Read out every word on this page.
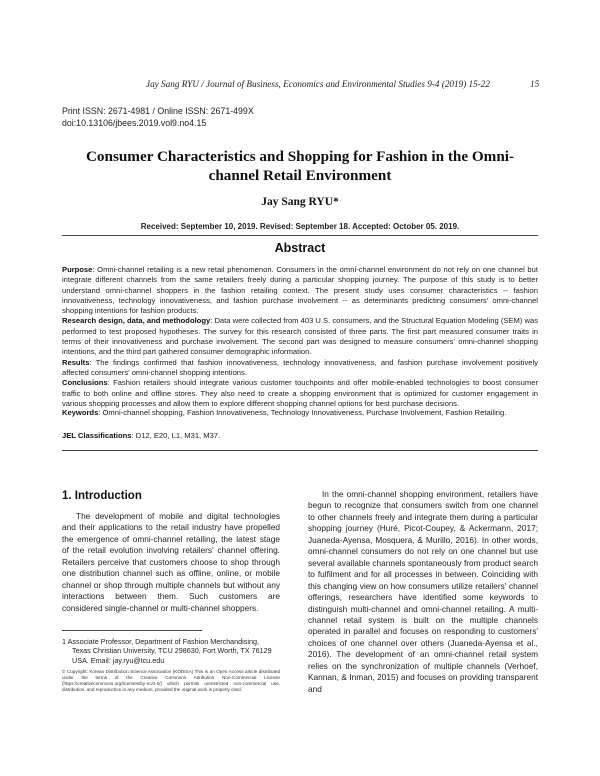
Jay Sang RYU / Journal of Business, Economics and Environmental Studies 9-4 (2019) 15-22	15
Print ISSN: 2671-4981 / Online ISSN: 2671-499X
doi:10.13106/jbees.2019.vol9.no4.15
Consumer Characteristics and Shopping for Fashion in the Omni-channel Retail Environment
Jay Sang RYU*
Received: September 10, 2019. Revised: September 18. Accepted: October 05. 2019.
Abstract

Purpose: Omni-channel retailing is a new retail phenomenon. Consumers in the omni-channel environment do not rely on one channel but integrate different channels from the same retailers freely during a particular shopping journey. The purpose of this study is to better understand omni-channel shoppers in the fashion retailing context. The present study uses consumer characteristics -- fashion innovativeness, technology innovativeness, and fashion purchase involvement -- as determinants predicting consumers' omni-channel shopping intentions for fashion products.

Research design, data, and methodology: Data were collected from 403 U.S. consumers, and the Structural Equation Modeling (SEM) was performed to test proposed hypotheses. The survey for this research consisted of three parts. The first part measured consumer traits in terms of their innovativeness and purchase involvement. The second part was designed to measure consumers' omni-channel shopping intentions, and the third part gathered consumer demographic information.

Results: The findings confirmed that fashion innovativeness, technology innovativeness, and fashion purchase involvement positively affected consumers' omni-channel shopping intentions.

Conclusions: Fashion retailers should integrate various customer touchpoints and offer mobile-enabled technologies to boost consumer traffic to both online and offline stores. They also need to create a shopping environment that is optimized for customer engagement in various shopping processes and allow them to explore different shopping channel options for best purchase decisions.

Keywords: Omni-channel shopping, Fashion Innovativeness, Technology Innovativeness, Purchase Involvement, Fashion Retailing.
JEL Classifications: D12, E20, L1, M31, M37.
1. Introduction

The development of mobile and digital technologies and their applications to the retail industry have propelled the emergence of omni-channel retailing, the latest stage of the retail evolution involving retailers' channel offering. Retailers perceive that customers choose to shop through one distribution channel such as offline, online, or mobile channel or shop through multiple channels but without any interactions between them. Such customers are considered single-channel or multi-channel shoppers.

In the omni-channel shopping environment, retailers have begun to recognize that consumers switch from one channel to other channels freely and integrate them during a particular shopping journey (Huré, Picot-Coupey, & Ackermann, 2017; Juaneda-Ayensa, Mosquera, & Murillo, 2016). In other words, omni-channel consumers do not rely on one channel but use several available channels spontaneously from product search to fulfilment and for all processes in between. Coinciding with this changing view on how consumers utilize retailers' channel offerings, researchers have identified some keywords to distinguish multi-channel and omni-channel retailing. A multi-channel retail system is built on the multiple channels operated in parallel and focuses on responding to customers' choices of one channel over others (Juaneda-Ayensa et al., 2016). The development of an omni-channel retail system relies on the synchronization of multiple channels (Verhoef, Kannan, & Inman, 2015) and focuses on providing transparent and

1 Associate Professor, Department of Fashion Merchandising,
Texas Christian University, TCU 298630, Fort Worth, TX 76129
USA. Email: jay.ryu@tcu.edu
© Copyright: Korean Distribution Science Association (KODISA) This is an Open Access article distributed under the terms of the Creative Commons Attribution Non-Commercial License (https://creativecommons.org/licenses/by-nc/4.0/) which permits unrestricted non-commercial use, distribution, and reproduction in any medium, provided the original work is properly cited.
